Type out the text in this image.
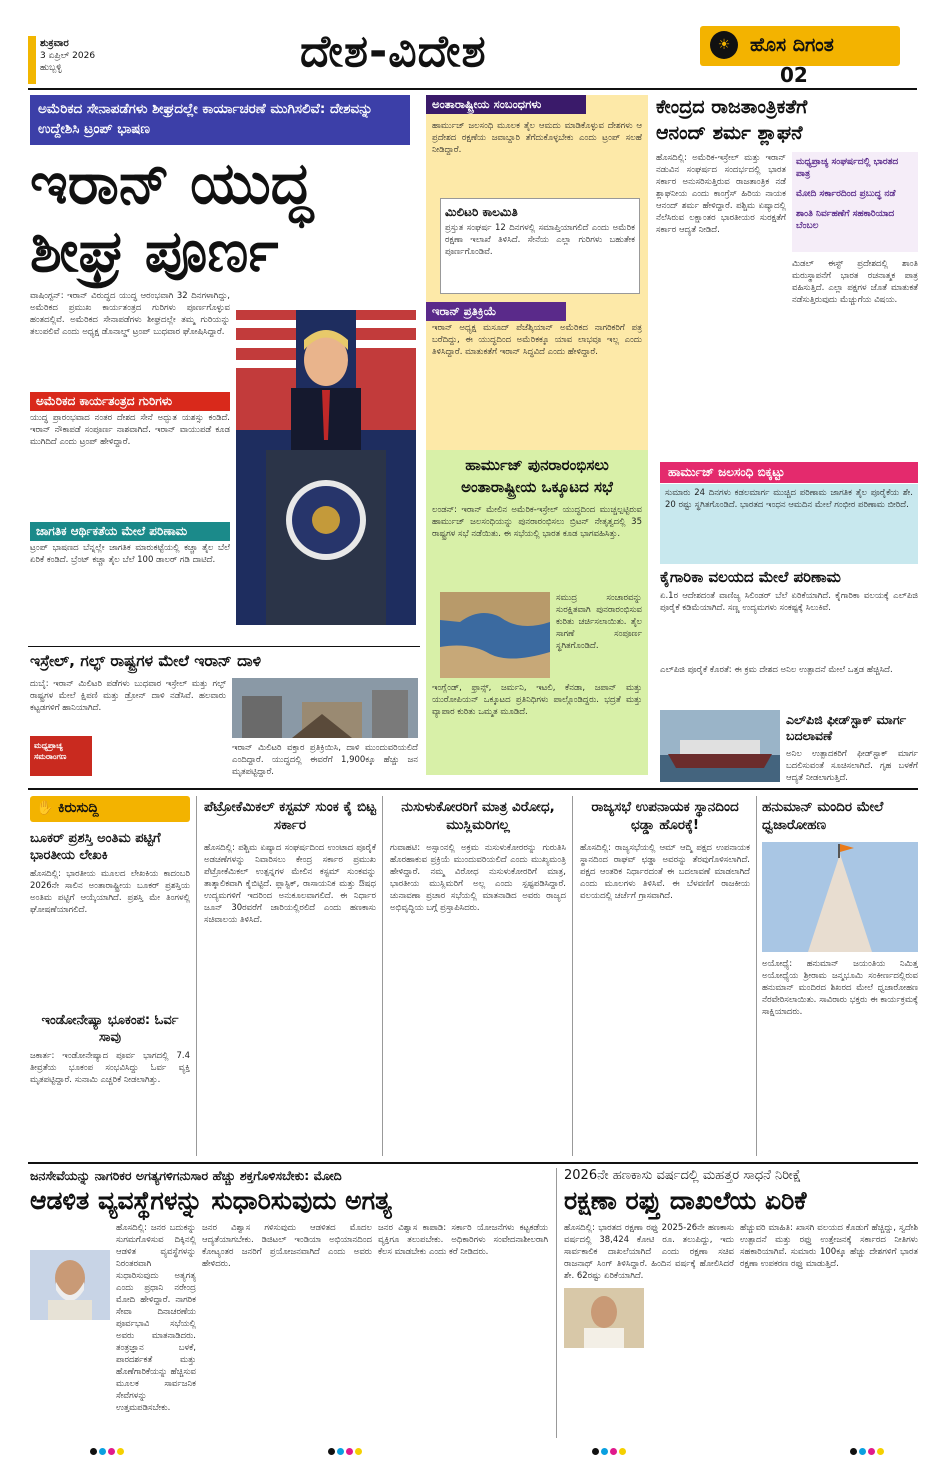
ಶುಕ್ರವಾರ
3 ಏಪ್ರಿಲ್ 2026
ಹುಬ್ಬಳ್ಳಿ	ದೇಶ-ವಿದೇಶ	ಹೊಸ ದಿಗಂತ
☀
02
ಅಮೆರಿಕದ ಸೇನಾಪಡೆಗಳು ಶೀಘ್ರದಲ್ಲೇ ಕಾರ್ಯಾಚರಣೆ ಮುಗಿಸಲಿವೆ: ದೇಶವನ್ನು ಉದ್ದೇಶಿಸಿ ಟ್ರಂಪ್ ಭಾಷಣ
ಇರಾನ್ ಯುದ್ಧ
ಶೀಘ್ರ ಪೂರ್ಣ
ವಾಷಿಂಗ್ಟನ್: ಇರಾನ್ ವಿರುದ್ಧದ ಯುದ್ಧ ಆರಂಭವಾಗಿ 32 ದಿನಗಳಾಗಿದ್ದು, ಅಮೆರಿಕದ ಪ್ರಮುಖ ಕಾರ್ಯತಂತ್ರದ ಗುರಿಗಳು ಪೂರ್ಣಗೊಳ್ಳುವ ಹಂತದಲ್ಲಿವೆ. ಅಮೆರಿಕದ ಸೇನಾಪಡೆಗಳು ಶೀಘ್ರದಲ್ಲೇ ತಮ್ಮ ಗುರಿಯನ್ನು ತಲುಪಲಿವೆ ಎಂದು ಅಧ್ಯಕ್ಷ ಡೊನಾಲ್ಡ್ ಟ್ರಂಪ್ ಬುಧವಾರ ಘೋಷಿಸಿದ್ದಾರೆ.
ಅಮೆರಿಕದ ಕಾರ್ಯತಂತ್ರದ ಗುರಿಗಳು
ಯುದ್ಧ ಪ್ರಾರಂಭವಾದ ನಂತರ ದೇಶದ ಸೇನೆ ಅದ್ಭುತ ಯಶಸ್ಸು ಕಂಡಿದೆ. ಇರಾನ್ ನೌಕಾಪಡೆ ಸಂಪೂರ್ಣ ನಾಶವಾಗಿದೆ. ಇರಾನ್ ವಾಯುಪಡೆ ಕೂಡ ಮುಗಿದಿದೆ ಎಂದು ಟ್ರಂಪ್ ಹೇಳಿದ್ದಾರೆ.
ಜಾಗತಿಕ ಆರ್ಥಿಕತೆಯ ಮೇಲೆ ಪರಿಣಾಮ
ಟ್ರಂಪ್ ಭಾಷಣದ ಬೆನ್ನಲ್ಲೇ ಜಾಗತಿಕ ಮಾರುಕಟ್ಟೆಯಲ್ಲಿ ಕಚ್ಚಾ ತೈಲ ಬೆಲೆ ಏರಿಕೆ ಕಂಡಿದೆ. ಬ್ರೆಂಟ್ ಕಚ್ಚಾ ತೈಲ ಬೆಲೆ 100 ಡಾಲರ್ ಗಡಿ ದಾಟಿದೆ.
ಅಂತಾರಾಷ್ಟ್ರೀಯ ಸಂಬಂಧಗಳು
ಹಾರ್ಮುಜ್ ಜಲಸಂಧಿ ಮೂಲಕ ತೈಲ ಆಮದು ಮಾಡಿಕೊಳ್ಳುವ ದೇಶಗಳು ಆ ಪ್ರದೇಶದ ರಕ್ಷಣೆಯ ಜವಾಬ್ದಾರಿ ತೆಗೆದುಕೊಳ್ಳಬೇಕು ಎಂದು ಟ್ರಂಪ್ ಸಲಹೆ ನೀಡಿದ್ದಾರೆ.
ಮಿಲಿಟರಿ ಕಾಲಮಿತಿ
ಪ್ರಸ್ತುತ ಸಂಘರ್ಷ 12 ದಿನಗಳಲ್ಲಿ ಸಮಾಪ್ತಿಯಾಗಲಿದೆ ಎಂದು ಅಮೆರಿಕ ರಕ್ಷಣಾ ಇಲಾಖೆ ತಿಳಿಸಿದೆ. ಸೇನೆಯ ಎಲ್ಲಾ ಗುರಿಗಳು ಬಹುತೇಕ ಪೂರ್ಣಗೊಂಡಿವೆ.
ಇರಾನ್ ಪ್ರತಿಕ್ರಿಯೆ
ಇರಾನ್ ಅಧ್ಯಕ್ಷ ಮಸೂದ್ ಪೆಜೆಶ್ಕಿಯಾನ್ ಅಮೆರಿಕದ ನಾಗರಿಕರಿಗೆ ಪತ್ರ ಬರೆದಿದ್ದು, ಈ ಯುದ್ಧದಿಂದ ಅಮೆರಿಕಕ್ಕೂ ಯಾವ ಲಾಭವೂ ಇಲ್ಲ ಎಂದು ತಿಳಿಸಿದ್ದಾರೆ. ಮಾತುಕತೆಗೆ ಇರಾನ್ ಸಿದ್ಧವಿದೆ ಎಂದು ಹೇಳಿದ್ದಾರೆ.
ಹಾರ್ಮುಜ್ ಪುನರಾರಂಭಿಸಲು
ಅಂತಾರಾಷ್ಟ್ರೀಯ ಒಕ್ಕೂಟದ ಸಭೆ
ಲಂಡನ್: ಇರಾನ್ ಮೇಲಿನ ಅಮೆರಿಕ-ಇಸ್ರೇಲ್ ಯುದ್ಧದಿಂದ ಮುಚ್ಚಲ್ಪಟ್ಟಿರುವ ಹಾರ್ಮುಜ್ ಜಲಸಂಧಿಯನ್ನು ಪುನರಾರಂಭಿಸಲು ಬ್ರಿಟನ್ ನೇತೃತ್ವದಲ್ಲಿ 35 ರಾಷ್ಟ್ರಗಳ ಸಭೆ ನಡೆಯಿತು. ಈ ಸಭೆಯಲ್ಲಿ ಭಾರತ ಕೂಡ ಭಾಗವಹಿಸಿತ್ತು.
ಸಮುದ್ರ ಸಂಚಾರವನ್ನು ಸುರಕ್ಷಿತವಾಗಿ ಪುನರಾರಂಭಿಸುವ ಕುರಿತು ಚರ್ಚಿಸಲಾಯಿತು. ತೈಲ ಸಾಗಣೆ ಸಂಪೂರ್ಣ ಸ್ಥಗಿತಗೊಂಡಿದೆ.
ಇಂಗ್ಲೆಂಡ್, ಫ್ರಾನ್ಸ್, ಜರ್ಮನಿ, ಇಟಲಿ, ಕೆನಡಾ, ಜಪಾನ್ ಮತ್ತು ಯುರೋಪಿಯನ್ ಒಕ್ಕೂಟದ ಪ್ರತಿನಿಧಿಗಳು ಪಾಲ್ಗೊಂಡಿದ್ದರು. ಭದ್ರತೆ ಮತ್ತು ವ್ಯಾಪಾರ ಕುರಿತು ಒಮ್ಮತ ಮೂಡಿದೆ.
ಕೇಂದ್ರದ ರಾಜತಾಂತ್ರಿಕತೆಗೆ
ಆನಂದ್ ಶರ್ಮ ಶ್ಲಾಘನೆ
ಹೊಸದಿಲ್ಲಿ: ಅಮೆರಿಕ-ಇಸ್ರೇಲ್ ಮತ್ತು ಇರಾನ್ ನಡುವಿನ ಸಂಘರ್ಷದ ಸಂದರ್ಭದಲ್ಲಿ ಭಾರತ ಸರ್ಕಾರ ಅನುಸರಿಸುತ್ತಿರುವ ರಾಜತಾಂತ್ರಿಕ ನಡೆ ಶ್ಲಾಘನೀಯ ಎಂದು ಕಾಂಗ್ರೆಸ್ ಹಿರಿಯ ನಾಯಕ ಆನಂದ್ ಶರ್ಮ ಹೇಳಿದ್ದಾರೆ. ಪಶ್ಚಿಮ ಏಷ್ಯಾದಲ್ಲಿ ನೆಲೆಸಿರುವ ಲಕ್ಷಾಂತರ ಭಾರತೀಯರ ಸುರಕ್ಷತೆಗೆ ಸರ್ಕಾರ ಆದ್ಯತೆ ನೀಡಿದೆ.
ಮಧ್ಯಪ್ರಾಚ್ಯ ಸಂಘರ್ಷದಲ್ಲಿ ಭಾರತದ ಪಾತ್ರ
ಮೋದಿ ಸರ್ಕಾರದಿಂದ ಪ್ರಬುದ್ಧ ನಡೆ
ಶಾಂತಿ ನಿರ್ವಹಣೆಗೆ ಸಹಕಾರಿಯಾದ ಬೆಂಬಲ
ಮಿಡಲ್ ಈಸ್ಟ್ ಪ್ರದೇಶದಲ್ಲಿ ಶಾಂತಿ ಮರುಸ್ಥಾಪನೆಗೆ ಭಾರತ ರಚನಾತ್ಮಕ ಪಾತ್ರ ವಹಿಸುತ್ತಿದೆ. ಎಲ್ಲಾ ಪಕ್ಷಗಳ ಜೊತೆ ಮಾತುಕತೆ ನಡೆಸುತ್ತಿರುವುದು ಮೆಚ್ಚುಗೆಯ ವಿಷಯ.
ಹಾರ್ಮುಜ್ ಜಲಸಂಧಿ ಬಿಕ್ಕಟ್ಟು
ಸುಮಾರು 24 ದಿನಗಳು ಕಡಲಮಾರ್ಗ ಮುಚ್ಚಿದ ಪರಿಣಾಮ ಜಾಗತಿಕ ತೈಲ ಪೂರೈಕೆಯ ಶೇ. 20 ರಷ್ಟು ಸ್ಥಗಿತಗೊಂಡಿದೆ. ಭಾರತದ ಇಂಧನ ಆಮದಿನ ಮೇಲೆ ಗಂಭೀರ ಪರಿಣಾಮ ಬೀರಿದೆ.
ಕೈಗಾರಿಕಾ ವಲಯದ ಮೇಲೆ ಪರಿಣಾಮ
ಏ.1ರ ಆದೇಶದಂತೆ ವಾಣಿಜ್ಯ ಸಿಲಿಂಡರ್ ಬೆಲೆ ಏರಿಕೆಯಾಗಿದೆ. ಕೈಗಾರಿಕಾ ವಲಯಕ್ಕೆ ಎಲ್‌ಪಿಜಿ ಪೂರೈಕೆ ಕಡಿಮೆಯಾಗಿದೆ. ಸಣ್ಣ ಉದ್ಯಮಗಳು ಸಂಕಷ್ಟಕ್ಕೆ ಸಿಲುಕಿವೆ.
ಎಲ್‌ಪಿಜಿ ಪೂರೈಕೆ ಕೊರತೆ: ಈ ಕ್ರಮ ದೇಶದ ಅನಿಲ ಉತ್ಪಾದನೆ ಮೇಲೆ ಒತ್ತಡ ಹೆಚ್ಚಿಸಿದೆ.
ಎಲ್‌ಪಿಜಿ ಫೀಡ್‌ಸ್ಟಾಕ್ ಮಾರ್ಗ ಬದಲಾವಣೆ
ಅನಿಲ ಉತ್ಪಾದಕರಿಗೆ ಫೀಡ್‌ಸ್ಟಾಕ್ ಮಾರ್ಗ ಬದಲಿಸುವಂತೆ ಸೂಚಿಸಲಾಗಿದೆ. ಗೃಹ ಬಳಕೆಗೆ ಆದ್ಯತೆ ನೀಡಲಾಗುತ್ತಿದೆ.
ಇಸ್ರೇಲ್, ಗಲ್ಫ್ ರಾಷ್ಟ್ರಗಳ ಮೇಲೆ ಇರಾನ್ ದಾಳಿ
ದುಬೈ: ಇರಾನ್ ಮಿಲಿಟರಿ ಪಡೆಗಳು ಬುಧವಾರ ಇಸ್ರೇಲ್ ಮತ್ತು ಗಲ್ಫ್ ರಾಷ್ಟ್ರಗಳ ಮೇಲೆ ಕ್ಷಿಪಣಿ ಮತ್ತು ಡ್ರೋನ್ ದಾಳಿ ನಡೆಸಿವೆ. ಹಲವಾರು ಕಟ್ಟಡಗಳಿಗೆ ಹಾನಿಯಾಗಿದೆ.
ಮಧ್ಯಪ್ರಾಚ್ಯ ಸಮರಾಂಗಣ
ಇರಾನ್ ಮಿಲಿಟರಿ ವಕ್ತಾರ ಪ್ರತಿಕ್ರಿಯಿಸಿ, ದಾಳಿ ಮುಂದುವರಿಯಲಿದೆ ಎಂದಿದ್ದಾರೆ. ಯುದ್ಧದಲ್ಲಿ ಈವರೆಗೆ 1,900ಕ್ಕೂ ಹೆಚ್ಚು ಜನ ಮೃತಪಟ್ಟಿದ್ದಾರೆ.
✋ ಕಿರುಸುದ್ದಿ
ಬೂಕರ್ ಪ್ರಶಸ್ತಿ ಅಂತಿಮ ಪಟ್ಟಿಗೆ ಭಾರತೀಯ ಲೇಖಕಿ
ಹೊಸದಿಲ್ಲಿ: ಭಾರತೀಯ ಮೂಲದ ಲೇಖಕಿಯ ಕಾದಂಬರಿ 2026ನೇ ಸಾಲಿನ ಅಂತಾರಾಷ್ಟ್ರೀಯ ಬೂಕರ್ ಪ್ರಶಸ್ತಿಯ ಅಂತಿಮ ಪಟ್ಟಿಗೆ ಆಯ್ಕೆಯಾಗಿದೆ. ಪ್ರಶಸ್ತಿ ಮೇ ತಿಂಗಳಲ್ಲಿ ಘೋಷಣೆಯಾಗಲಿದೆ.
ಇಂಡೋನೇಷ್ಯಾ ಭೂಕಂಪ: ಓರ್ವ ಸಾವು
ಜಕಾರ್ತ: ಇಂಡೋನೇಷ್ಯಾದ ಪೂರ್ವ ಭಾಗದಲ್ಲಿ 7.4 ತೀವ್ರತೆಯ ಭೂಕಂಪ ಸಂಭವಿಸಿದ್ದು ಓರ್ವ ವ್ಯಕ್ತಿ ಮೃತಪಟ್ಟಿದ್ದಾರೆ. ಸುನಾಮಿ ಎಚ್ಚರಿಕೆ ನೀಡಲಾಗಿತ್ತು.
ಪೆಟ್ರೋಕೆಮಿಕಲ್ ಕಸ್ಟಮ್ ಸುಂಕ ಕೈ ಬಿಟ್ಟ ಸರ್ಕಾರ
ಹೊಸದಿಲ್ಲಿ: ಪಶ್ಚಿಮ ಏಷ್ಯಾದ ಸಂಘರ್ಷದಿಂದ ಉಂಟಾದ ಪೂರೈಕೆ ಅಡಚಣೆಗಳನ್ನು ನಿವಾರಿಸಲು ಕೇಂದ್ರ ಸರ್ಕಾರ ಪ್ರಮುಖ ಪೆಟ್ರೋಕೆಮಿಕಲ್ ಉತ್ಪನ್ನಗಳ ಮೇಲಿನ ಕಸ್ಟಮ್ ಸುಂಕವನ್ನು ತಾತ್ಕಾಲಿಕವಾಗಿ ಕೈಬಿಟ್ಟಿದೆ. ಪ್ಲಾಸ್ಟಿಕ್, ರಾಸಾಯನಿಕ ಮತ್ತು ಔಷಧ ಉದ್ಯಮಗಳಿಗೆ ಇದರಿಂದ ಅನುಕೂಲವಾಗಲಿದೆ. ಈ ನಿರ್ಧಾರ ಜೂನ್ 30ರವರೆಗೆ ಜಾರಿಯಲ್ಲಿರಲಿದೆ ಎಂದು ಹಣಕಾಸು ಸಚಿವಾಲಯ ತಿಳಿಸಿದೆ.
ನುಸುಳುಕೋರರಿಗೆ ಮಾತ್ರ ವಿರೋಧ, ಮುಸ್ಲಿಮರಿಗಲ್ಲ
ಗುವಾಹಟಿ: ಅಸ್ಸಾಂನಲ್ಲಿ ಅಕ್ರಮ ನುಸುಳುಕೋರರನ್ನು ಗುರುತಿಸಿ ಹೊರಹಾಕುವ ಪ್ರಕ್ರಿಯೆ ಮುಂದುವರಿಯಲಿದೆ ಎಂದು ಮುಖ್ಯಮಂತ್ರಿ ಹೇಳಿದ್ದಾರೆ. ನಮ್ಮ ವಿರೋಧ ನುಸುಳುಕೋರರಿಗೆ ಮಾತ್ರ, ಭಾರತೀಯ ಮುಸ್ಲಿಮರಿಗೆ ಅಲ್ಲ ಎಂದು ಸ್ಪಷ್ಟಪಡಿಸಿದ್ದಾರೆ. ಚುನಾವಣಾ ಪ್ರಚಾರ ಸಭೆಯಲ್ಲಿ ಮಾತನಾಡಿದ ಅವರು ರಾಜ್ಯದ ಅಭಿವೃದ್ಧಿಯ ಬಗ್ಗೆ ಪ್ರಸ್ತಾಪಿಸಿದರು.
ರಾಜ್ಯಸಭೆ ಉಪನಾಯಕ ಸ್ಥಾನದಿಂದ ಛಡ್ಡಾ ಹೊರಕ್ಕೆ!
ಹೊಸದಿಲ್ಲಿ: ರಾಜ್ಯಸಭೆಯಲ್ಲಿ ಆಮ್ ಆದ್ಮಿ ಪಕ್ಷದ ಉಪನಾಯಕ ಸ್ಥಾನದಿಂದ ರಾಘವ್ ಛಡ್ಡಾ ಅವರನ್ನು ತೆರವುಗೊಳಿಸಲಾಗಿದೆ. ಪಕ್ಷದ ಆಂತರಿಕ ನಿರ್ಧಾರದಂತೆ ಈ ಬದಲಾವಣೆ ಮಾಡಲಾಗಿದೆ ಎಂದು ಮೂಲಗಳು ತಿಳಿಸಿವೆ. ಈ ಬೆಳವಣಿಗೆ ರಾಜಕೀಯ ವಲಯದಲ್ಲಿ ಚರ್ಚೆಗೆ ಗ್ರಾಸವಾಗಿದೆ.
ಹನುಮಾನ್ ಮಂದಿರ ಮೇಲೆ ಧ್ವಜಾರೋಹಣ
ಅಯೋಧ್ಯೆ: ಹನುಮಾನ್ ಜಯಂತಿಯ ನಿಮಿತ್ತ ಅಯೋಧ್ಯೆಯ ಶ್ರೀರಾಮ ಜನ್ಮಭೂಮಿ ಸಂಕೀರ್ಣದಲ್ಲಿರುವ ಹನುಮಾನ್ ಮಂದಿರದ ಶಿಖರದ ಮೇಲೆ ಧ್ವಜಾರೋಹಣ ನೆರವೇರಿಸಲಾಯಿತು. ಸಾವಿರಾರು ಭಕ್ತರು ಈ ಕಾರ್ಯಕ್ರಮಕ್ಕೆ ಸಾಕ್ಷಿಯಾದರು.
ಜನಸೇವೆಯನ್ನು ನಾಗರಿಕರ ಅಗತ್ಯಗಳಿಗನುಸಾರ ಹೆಚ್ಚು ಶಕ್ತಗೊಳಿಸಬೇಕು: ಮೋದಿ
ಆಡಳಿತ ವ್ಯವಸ್ಥೆಗಳನ್ನು ಸುಧಾರಿಸುವುದು ಅಗತ್ಯ
ಹೊಸದಿಲ್ಲಿ: ಜನರ ಬದುಕನ್ನು ಸುಗಮಗೊಳಿಸುವ ದಿಕ್ಕಿನಲ್ಲಿ ಆಡಳಿತ ವ್ಯವಸ್ಥೆಗಳನ್ನು ನಿರಂತರವಾಗಿ ಸುಧಾರಿಸುವುದು ಅತ್ಯಗತ್ಯ ಎಂದು ಪ್ರಧಾನಿ ನರೇಂದ್ರ ಮೋದಿ ಹೇಳಿದ್ದಾರೆ. ನಾಗರಿಕ ಸೇವಾ ದಿನಾಚರಣೆಯ ಪೂರ್ವಭಾವಿ ಸಭೆಯಲ್ಲಿ ಅವರು ಮಾತನಾಡಿದರು. ತಂತ್ರಜ್ಞಾನ ಬಳಕೆ, ಪಾರದರ್ಶಕತೆ ಮತ್ತು ಹೊಣೆಗಾರಿಕೆಯನ್ನು ಹೆಚ್ಚಿಸುವ ಮೂಲಕ ಸಾರ್ವಜನಿಕ ಸೇವೆಗಳನ್ನು ಉತ್ತಮಪಡಿಸಬೇಕು.
ಜನರ ವಿಶ್ವಾಸ ಗಳಿಸುವುದು ಆಡಳಿತದ ಮೊದಲ ಆದ್ಯತೆಯಾಗಬೇಕು. ಡಿಜಿಟಲ್ ಇಂಡಿಯಾ ಅಭಿಯಾನದಿಂದ ಕೋಟ್ಯಂತರ ಜನರಿಗೆ ಪ್ರಯೋಜನವಾಗಿದೆ ಎಂದು ಅವರು ಹೇಳಿದರು.
ಜನರ ವಿಶ್ವಾಸ ಕಾಪಾಡಿ: ಸರ್ಕಾರಿ ಯೋಜನೆಗಳು ಕಟ್ಟಕಡೆಯ ವ್ಯಕ್ತಿಗೂ ತಲುಪಬೇಕು. ಅಧಿಕಾರಿಗಳು ಸಂವೇದನಾಶೀಲರಾಗಿ ಕೆಲಸ ಮಾಡಬೇಕು ಎಂದು ಕರೆ ನೀಡಿದರು.
2026ನೇ ಹಣಕಾಸು ವರ್ಷದಲ್ಲಿ ಮಹತ್ತರ ಸಾಧನೆ ನಿರೀಕ್ಷೆ
ರಕ್ಷಣಾ ರಫ್ತು ದಾಖಲೆಯ ಏರಿಕೆ
ಹೊಸದಿಲ್ಲಿ: ಭಾರತದ ರಕ್ಷಣಾ ರಫ್ತು 2025-26ನೇ ಹಣಕಾಸು ವರ್ಷದಲ್ಲಿ 38,424 ಕೋಟಿ ರೂ. ತಲುಪಿದ್ದು, ಇದು ಸಾರ್ವಕಾಲಿಕ ದಾಖಲೆಯಾಗಿದೆ ಎಂದು ರಕ್ಷಣಾ ಸಚಿವ ರಾಜನಾಥ್ ಸಿಂಗ್ ತಿಳಿಸಿದ್ದಾರೆ. ಹಿಂದಿನ ವರ್ಷಕ್ಕೆ ಹೋಲಿಸಿದರೆ ಶೇ. 62ರಷ್ಟು ಏರಿಕೆಯಾಗಿದೆ.
ಹೆಚ್ಚುವರಿ ಮಾಹಿತಿ: ಖಾಸಗಿ ವಲಯದ ಕೊಡುಗೆ ಹೆಚ್ಚಿದ್ದು, ಸ್ವದೇಶಿ ಉತ್ಪಾದನೆ ಮತ್ತು ರಫ್ತು ಉತ್ತೇಜನಕ್ಕೆ ಸರ್ಕಾರದ ನೀತಿಗಳು ಸಹಕಾರಿಯಾಗಿವೆ. ಸುಮಾರು 100ಕ್ಕೂ ಹೆಚ್ಚು ದೇಶಗಳಿಗೆ ಭಾರತ ರಕ್ಷಣಾ ಉಪಕರಣ ರಫ್ತು ಮಾಡುತ್ತಿದೆ.
